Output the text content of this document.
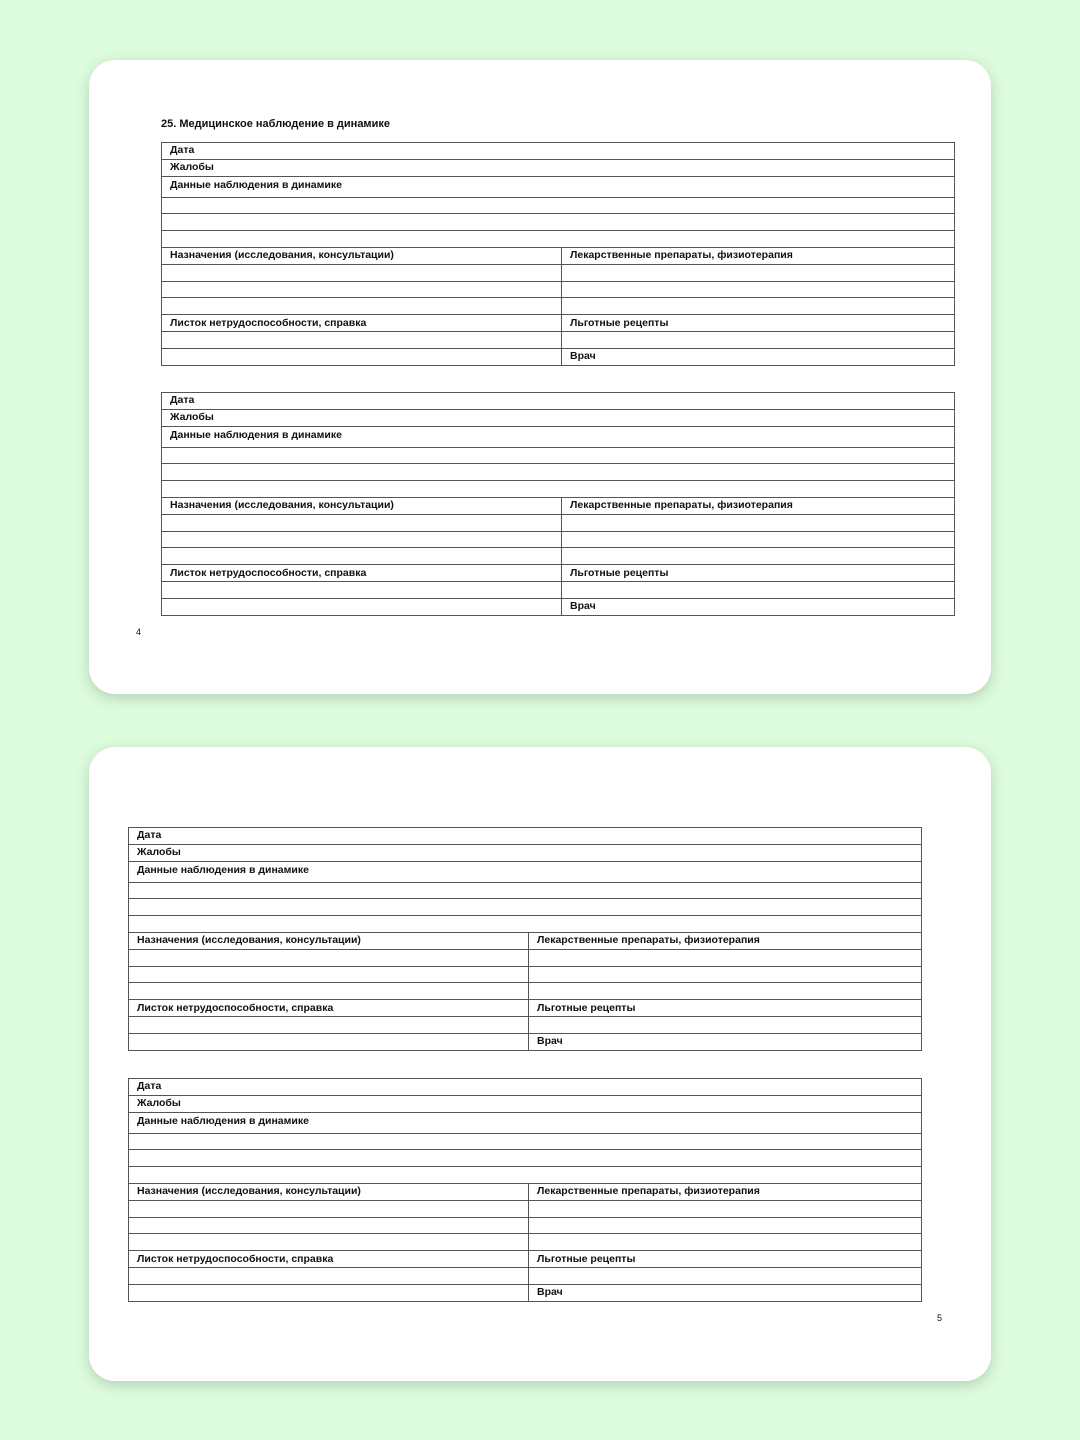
25. Медицинское наблюдение в динамике
Дата	
Жалобы	
Данные наблюдения в динамике	

Назначения (исследования, консультации)	Лекарственные препараты, физиотерапия

Листок нетрудоспособности, справка	Льготные рецепты

	Врач
Дата	
Жалобы	
Данные наблюдения в динамике	

Назначения (исследования, консультации)	Лекарственные препараты, физиотерапия

Листок нетрудоспособности, справка	Льготные рецепты

	Врач
4
Дата	
Жалобы	
Данные наблюдения в динамике	

Назначения (исследования, консультации)	Лекарственные препараты, физиотерапия

Листок нетрудоспособности, справка	Льготные рецепты

	Врач
Дата	
Жалобы	
Данные наблюдения в динамике	

Назначения (исследования, консультации)	Лекарственные препараты, физиотерапия

Листок нетрудоспособности, справка	Льготные рецепты

	Врач
5
